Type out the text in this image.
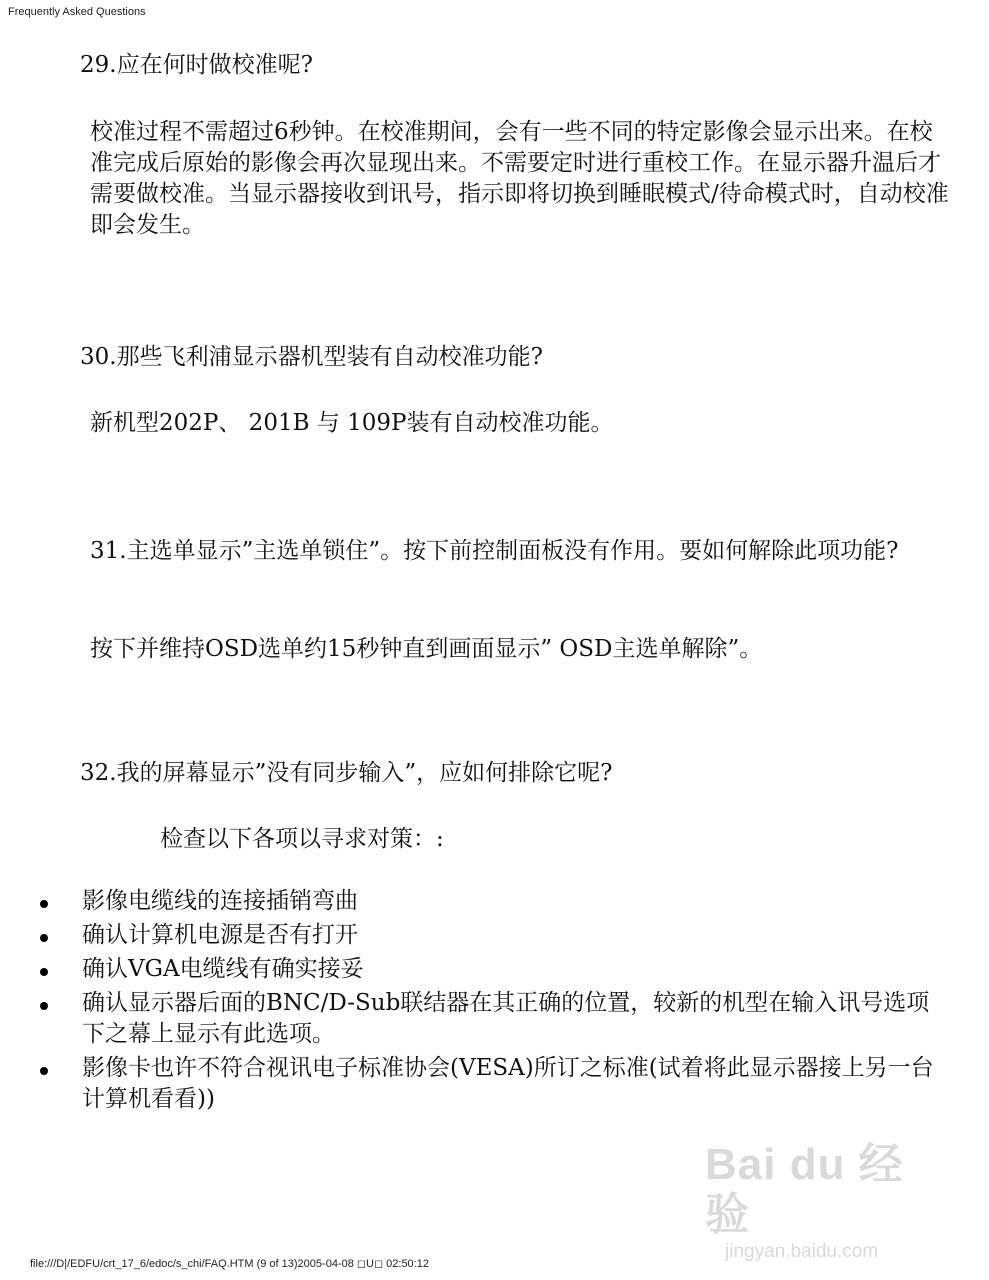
Frequently Asked Questions
29.应在何时做校准呢?
校准过程不需超过6秒钟。在校准期间，会有一些不同的特定影像会显示出来。在校准完成后原始的影像会再次显现出来。不需要定时进行重校工作。在显示器升温后才需要做校准。当显示器接收到讯号，指示即将切换到睡眠模式/待命模式时，自动校准即会发生。
30.那些飞利浦显示器机型装有自动校准功能?
新机型202P、 201B 与 109P装有自动校准功能。
31.主选单显示”主选单锁住”。按下前控制面板没有作用。要如何解除此项功能?
按下并维持OSD选单约15秒钟直到画面显示” OSD主选单解除”。
32.我的屏幕显示”没有同步输入”，应如何排除它呢?
检查以下各项以寻求对策：:
影像电缆线的连接插销弯曲
确认计算机电源是否有打开
确认VGA电缆线有确实接妥
确认显示器后面的BNC/D-Sub联结器在其正确的位置，较新的机型在输入讯号选项下之幕上显示有此选项。
影像卡也许不符合视讯电子标准协会(VESA)所订之标准(试着将此显示器接上另一台计算机看看))
Bai du 经验
jingyan.baidu.com
file:///D|/EDFU/crt_17_6/edoc/s_chi/FAQ.HTM (9 of 13)2005-04-08 ◻U◻ 02:50:12
